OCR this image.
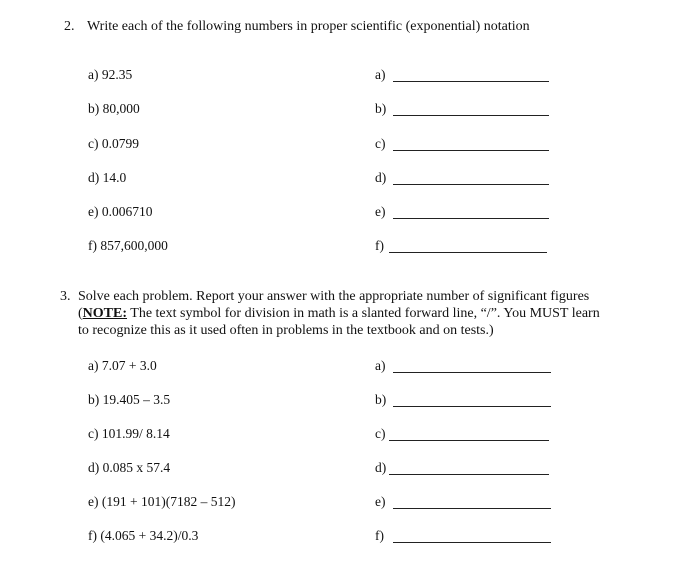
2. Write each of the following numbers in proper scientific (exponential) notation
a) 92.35	a)
b) 80,000	b)
c) 0.0799	c)
d) 14.0	d)
e) 0.006710	e)
f) 857,600,000	f)
3. Solve each problem. Report your answer with the appropriate number of significant figures
(NOTE: The text symbol for division in math is a slanted forward line, “/”. You MUST learn
to recognize this as it used often in problems in the textbook and on tests.)
a) 7.07 + 3.0	a)
b) 19.405 – 3.5	b)
c) 101.99/ 8.14	c)
d) 0.085 x 57.4	d)
e) (191 + 101)(7182 – 512)	e)
f) (4.065 + 34.2)/0.3	f)
